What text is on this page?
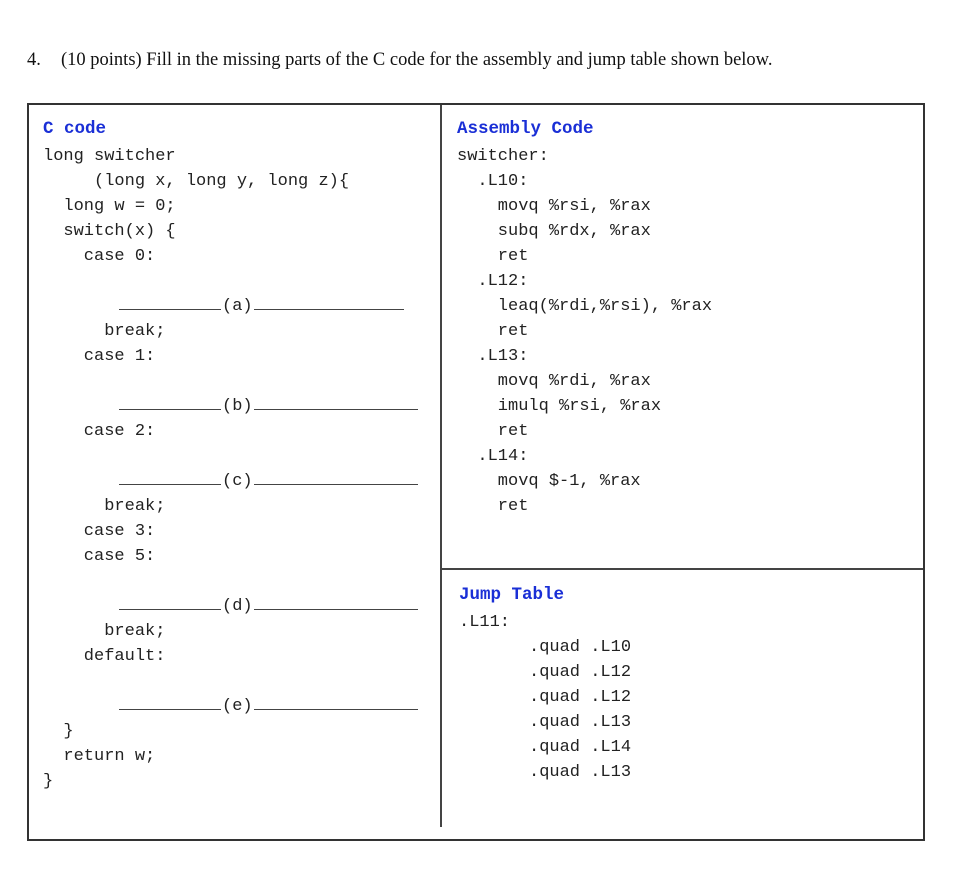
4. (10 points) Fill in the missing parts of the C code for the assembly and jump table shown below.
C code
long switcher
(long x, long y, long z){
long w = 0;
switch(x) {
case 0:
(a)
break;
case 1:
(b)
case 2:
(c)
break;
case 3:
case 5:
(d)
break;
default:
(e)
}
return w;
}
Assembly Code
switcher:
.L10:
movq %rsi, %rax
subq %rdx, %rax
ret
.L12:
leaq(%rdi,%rsi), %rax
ret
.L13:
movq %rdi, %rax
imulq %rsi, %rax
ret
.L14:
movq $-1, %rax
ret
Jump Table
.L11:
.quad .L10
.quad .L12
.quad .L12
.quad .L13
.quad .L14
.quad .L13
